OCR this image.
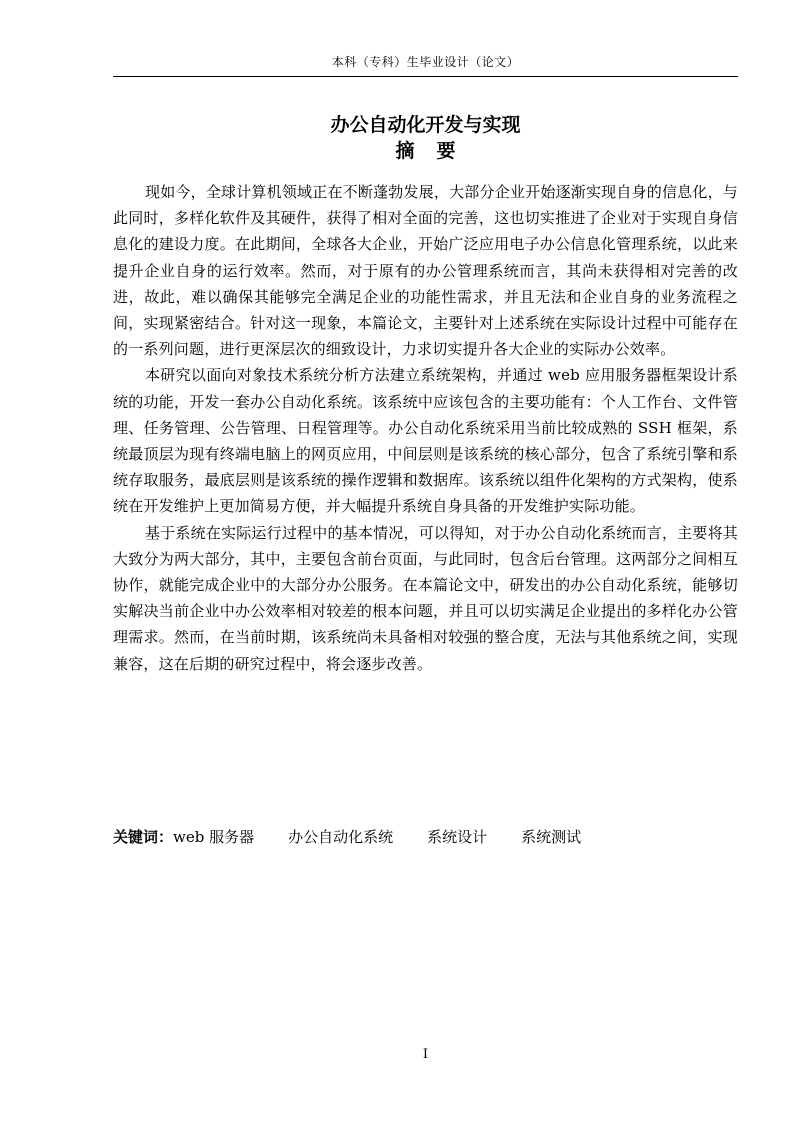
本科（专科）生毕业设计（论文）
办公自动化开发与实现
摘要

现如今，全球计算机领域正在不断蓬勃发展，大部分企业开始逐渐实现自身的信息化，与此同时，多样化软件及其硬件，获得了相对全面的完善，这也切实推进了企业对于实现自身信息化的建设力度。在此期间，全球各大企业，开始广泛应用电子办公信息化管理系统，以此来提升企业自身的运行效率。然而，对于原有的办公管理系统而言，其尚未获得相对完善的改进，故此，难以确保其能够完全满足企业的功能性需求，并且无法和企业自身的业务流程之间，实现紧密结合。针对这一现象，本篇论文，主要针对上述系统在实际设计过程中可能存在的一系列问题，进行更深层次的细致设计，力求切实提升各大企业的实际办公效率。

本研究以面向对象技术系统分析方法建立系统架构，并通过 web 应用服务器框架设计系统的功能，开发一套办公自动化系统。该系统中应该包含的主要功能有：个人工作台、文件管理、任务管理、公告管理、日程管理等。办公自动化系统采用当前比较成熟的 SSH 框架，系统最顶层为现有终端电脑上的网页应用，中间层则是该系统的核心部分，包含了系统引擎和系统存取服务，最底层则是该系统的操作逻辑和数据库。该系统以组件化架构的方式架构，使系统在开发维护上更加简易方便，并大幅提升系统自身具备的开发维护实际功能。

基于系统在实际运行过程中的基本情况，可以得知，对于办公自动化系统而言，主要将其大致分为两大部分，其中，主要包含前台页面，与此同时，包含后台管理。这两部分之间相互协作，就能完成企业中的大部分办公服务。在本篇论文中，研发出的办公自动化系统，能够切实解决当前企业中办公效率相对较差的根本问题，并且可以切实满足企业提出的多样化办公管理需求。然而，在当前时期，该系统尚未具备相对较强的整合度，无法与其他系统之间，实现兼容，这在后期的研究过程中，将会逐步改善。

关键词：web 服务器 办公自动化系统 系统设计 系统测试
I
